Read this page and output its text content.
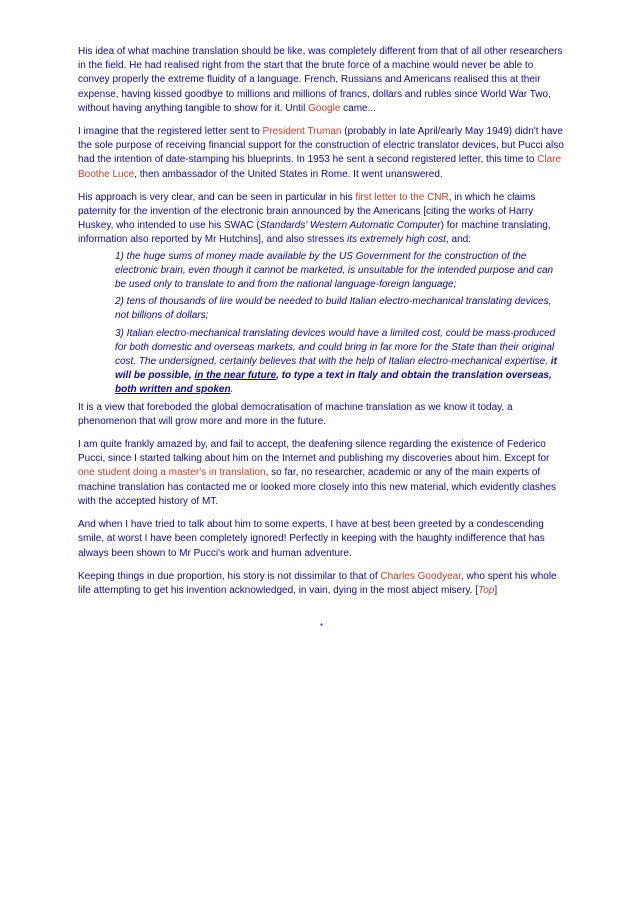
His idea of what machine translation should be like, was completely different from that of all other researchers in the field. He had realised right from the start that the brute force of a machine would never be able to convey properly the extreme fluidity of a language. French, Russians and Americans realised this at their expense, having kissed goodbye to millions and millions of francs, dollars and rubles since World War Two, without having anything tangible to show for it. Until Google came...

I imagine that the registered letter sent to President Truman (probably in late April/early May 1949) didn't have the sole purpose of receiving financial support for the construction of electric translator devices, but Pucci also had the intention of date-stamping his blueprints. In 1953 he sent a second registered letter, this time to Clare Boothe Luce, then ambassador of the United States in Rome. It went unanswered.

His approach is very clear, and can be seen in particular in his first letter to the CNR, in which he claims paternity for the invention of the electronic brain announced by the Americans [citing the works of Harry Huskey, who intended to use his SWAC (Standards' Western Automatic Computer) for machine translating, information also reported by Mr Hutchins], and also stresses its extremely high cost, and:

1) the huge sums of money made available by the US Government for the construction of the electronic brain, even though it cannot be marketed, is unsuitable for the intended purpose and can be used only to translate to and from the national language-foreign language;

2) tens of thousands of lire would be needed to build Italian electro-mechanical translating devices, not billions of dollars;

3) Italian electro-mechanical translating devices would have a limited cost, could be mass-produced for both domestic and overseas markets, and could bring in far more for the State than their original cost. The undersigned, certainly believes that with the help of Italian electro-mechanical expertise, it will be possible, in the near future, to type a text in Italy and obtain the translation overseas, both written and spoken.

It is a view that foreboded the global democratisation of machine translation as we know it today, a phenomenon that will grow more and more in the future.

I am quite frankly amazed by, and fail to accept, the deafening silence regarding the existence of Federico Pucci, since I started talking about him on the Internet and publishing my discoveries about him. Except for one student doing a master's in translation, so far, no researcher, academic or any of the main experts of machine translation has contacted me or looked more closely into this new material, which evidently clashes with the accepted history of MT.

And when I have tried to talk about him to some experts, I have at best been greeted by a condescending smile, at worst I have been completely ignored! Perfectly in keeping with the haughty indifference that has always been shown to Mr Pucci's work and human adventure.

Keeping things in due proportion, his story is not dissimilar to that of Charles Goodyear, who spent his whole life attempting to get his invention acknowledged, in vain, dying in the most abject misery. [Top]

*
